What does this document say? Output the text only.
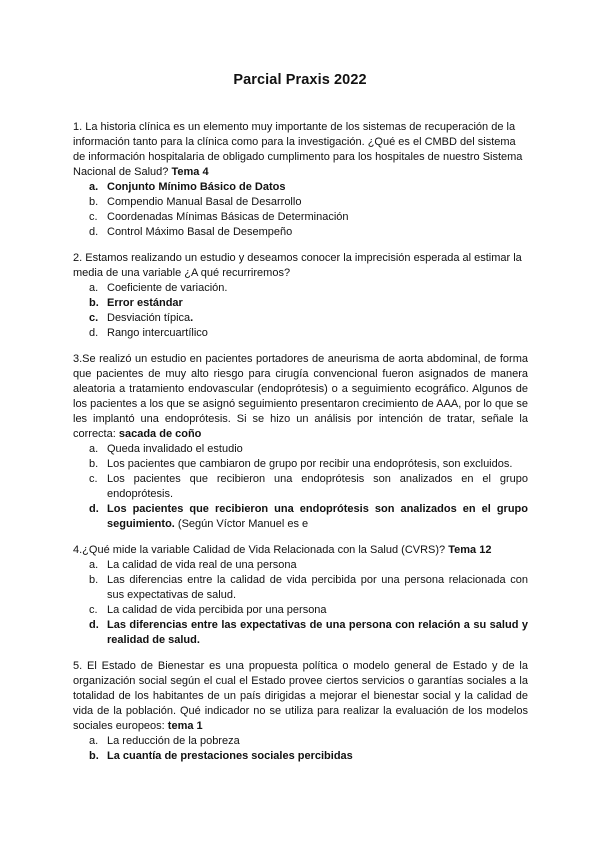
Parcial Praxis 2022

1. La historia clínica es un elemento muy importante de los sistemas de recuperación de la información tanto para la clínica como para la investigación. ¿Qué es el CMBD del sistema de información hospitalaria de obligado cumplimento para los hospitales de nuestro Sistema Nacional de Salud? Tema 4

a. Conjunto Mínimo Básico de Datos
b. Compendio Manual Basal de Desarrollo
c. Coordenadas Mínimas Básicas de Determinación
d. Control Máximo Basal de Desempeño

2. Estamos realizando un estudio y deseamos conocer la imprecisión esperada al estimar la media de una variable ¿A qué recurriremos?

a. Coeficiente de variación.
b. Error estándar
c. Desviación típica.
d. Rango intercuartílico

3.Se realizó un estudio en pacientes portadores de aneurisma de aorta abdominal, de forma que pacientes de muy alto riesgo para cirugía convencional fueron asignados de manera aleatoria a tratamiento endovascular (endoprótesis) o a seguimiento ecográfico. Algunos de los pacientes a los que se asignó seguimiento presentaron crecimiento de AAA, por lo que se les implantó una endoprótesis. Si se hizo un análisis por intención de tratar, señale la correcta: sacada de coño

a. Queda invalidado el estudio
b. Los pacientes que cambiaron de grupo por recibir una endoprótesis, son excluidos.
c. Los pacientes que recibieron una endoprótesis son analizados en el grupo endoprótesis.
d. Los pacientes que recibieron una endoprótesis son analizados en el grupo seguimiento. (Según Víctor Manuel es e

4.¿Qué mide la variable Calidad de Vida Relacionada con la Salud (CVRS)? Tema 12

a. La calidad de vida real de una persona
b. Las diferencias entre la calidad de vida percibida por una persona relacionada con sus expectativas de salud.
c. La calidad de vida percibida por una persona
d. Las diferencias entre las expectativas de una persona con relación a su salud y realidad de salud.

5. El Estado de Bienestar es una propuesta política o modelo general de Estado y de la organización social según el cual el Estado provee ciertos servicios o garantías sociales a la totalidad de los habitantes de un país dirigidas a mejorar el bienestar social y la calidad de vida de la población. Qué indicador no se utiliza para realizar la evaluación de los modelos sociales europeos: tema 1

a. La reducción de la pobreza
b. La cuantía de prestaciones sociales percibidas
